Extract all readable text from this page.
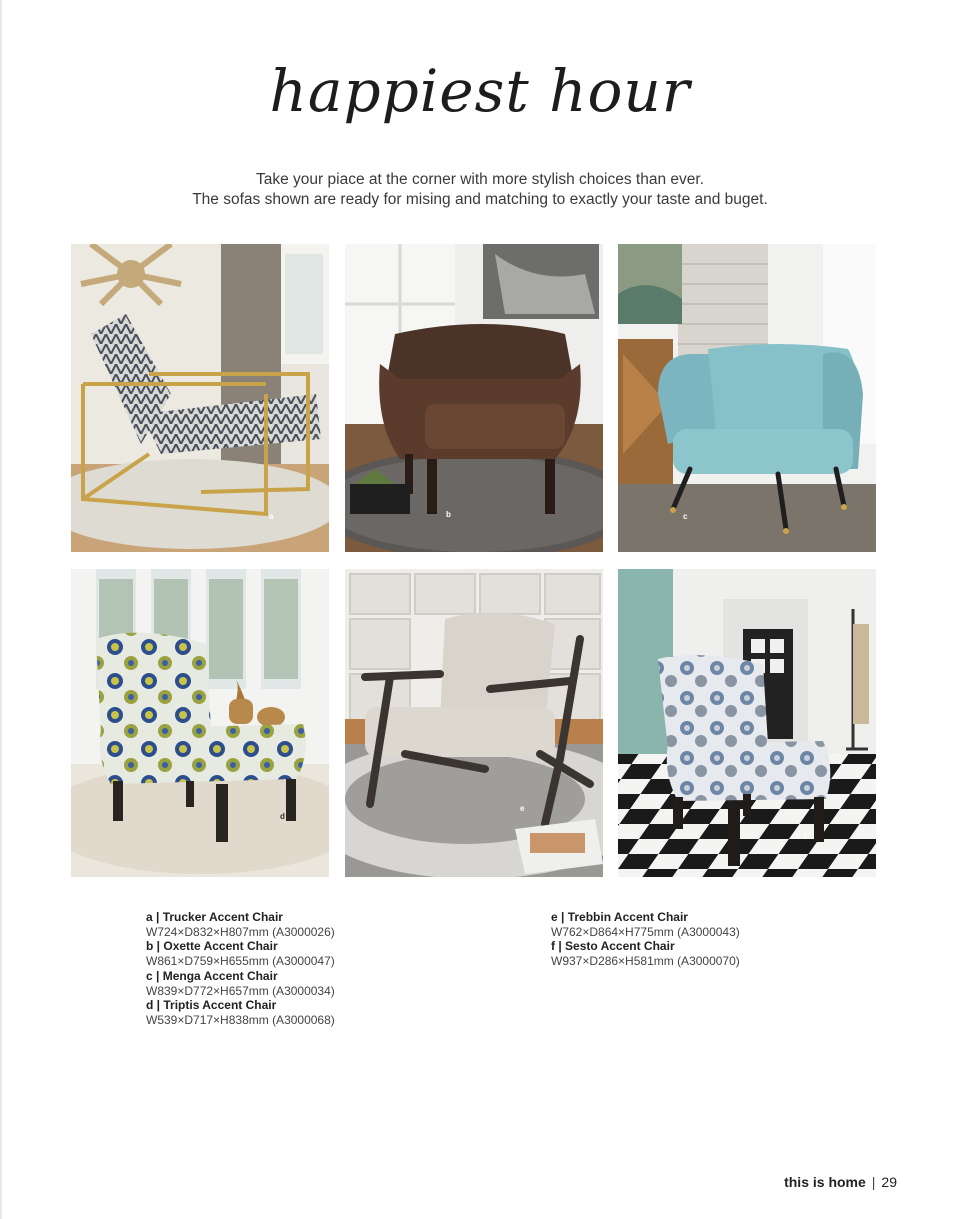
happiest hour
Take your piace at the corner with more stylish choices than ever.
The sofas shown are ready for mising and matching to exactly your taste and buget.
a	b	c
d
e
f
a | Trucker Accent Chair
W724×D832×H807mm (A3000026)
b | Oxette Accent Chair
W861×D759×H655mm (A3000047)
c | Menga Accent Chair
W839×D772×H657mm (A3000034)
d | Triptis Accent Chair
W539×D717×H838mm (A3000068)
e | Trebbin Accent Chair
W762×D864×H775mm (A3000043)
f | Sesto Accent Chair
W937×D286×H581mm (A3000070)
this is home | 29
